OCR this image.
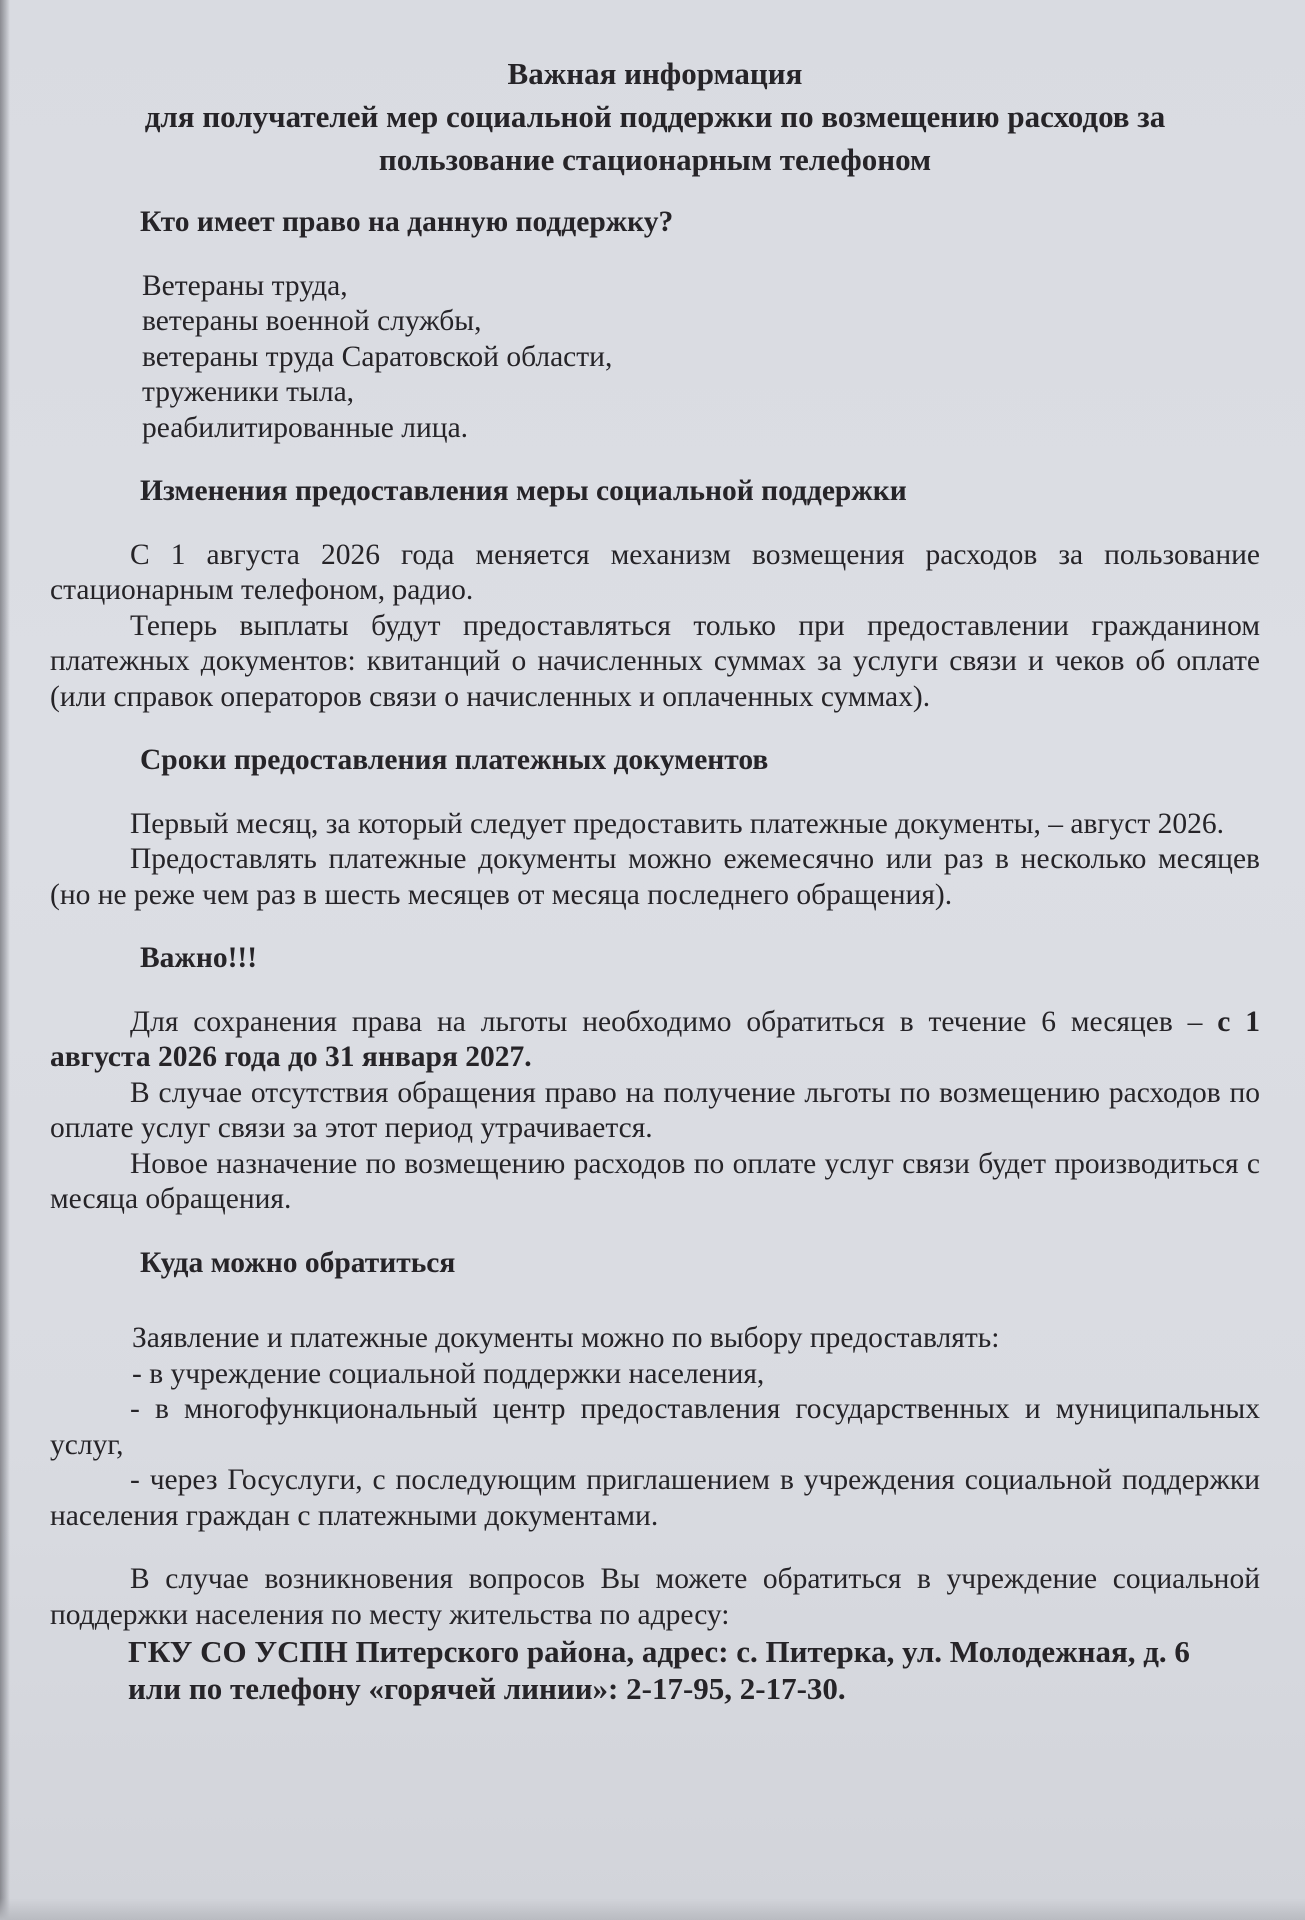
Важная информация
для получателей мер социальной поддержки по возмещению расходов за
пользование стационарным телефоном
Кто имеет право на данную поддержку?
Ветераны труда,
ветераны военной службы,
ветераны труда Саратовской области,
труженики тыла,
реабилитированные лица.
Изменения предоставления меры социальной поддержки

С 1 августа 2026 года меняется механизм возмещения расходов за пользование стационарным телефоном, радио.

Теперь выплаты будут предоставляться только при предоставлении гражданином платежных документов: квитанций о начисленных суммах за услуги связи и чеков об оплате (или справок операторов связи о начисленных и оплаченных суммах).

Сроки предоставления платежных документов

Первый месяц, за который следует предоставить платежные документы, – август 2026.

Предоставлять платежные документы можно ежемесячно или раз в несколько месяцев (но не реже чем раз в шесть месяцев от месяца последнего обращения).

Важно!!!

Для сохранения права на льготы необходимо обратиться в течение 6 месяцев – с 1 августа 2026 года до 31 января 2027.

В случае отсутствия обращения право на получение льготы по возмещению расходов по оплате услуг связи за этот период утрачивается.

Новое назначение по возмещению расходов по оплате услуг связи будет производиться с месяца обращения.

Куда можно обратиться

Заявление и платежные документы можно по выбору предоставлять:

- в учреждение социальной поддержки населения,

- в многофункциональный центр предоставления государственных и муниципальных услуг,

- через Госуслуги, с последующим приглашением в учреждения социальной поддержки населения граждан с платежными документами.

В случае возникновения вопросов Вы можете обратиться в учреждение социальной поддержки населения по месту жительства по адресу:

ГКУ СО УСПН Питерского района, адрес: с. Питерка, ул. Молодежная, д. 6
или по телефону «горячей линии»: 2-17-95, 2-17-30.
